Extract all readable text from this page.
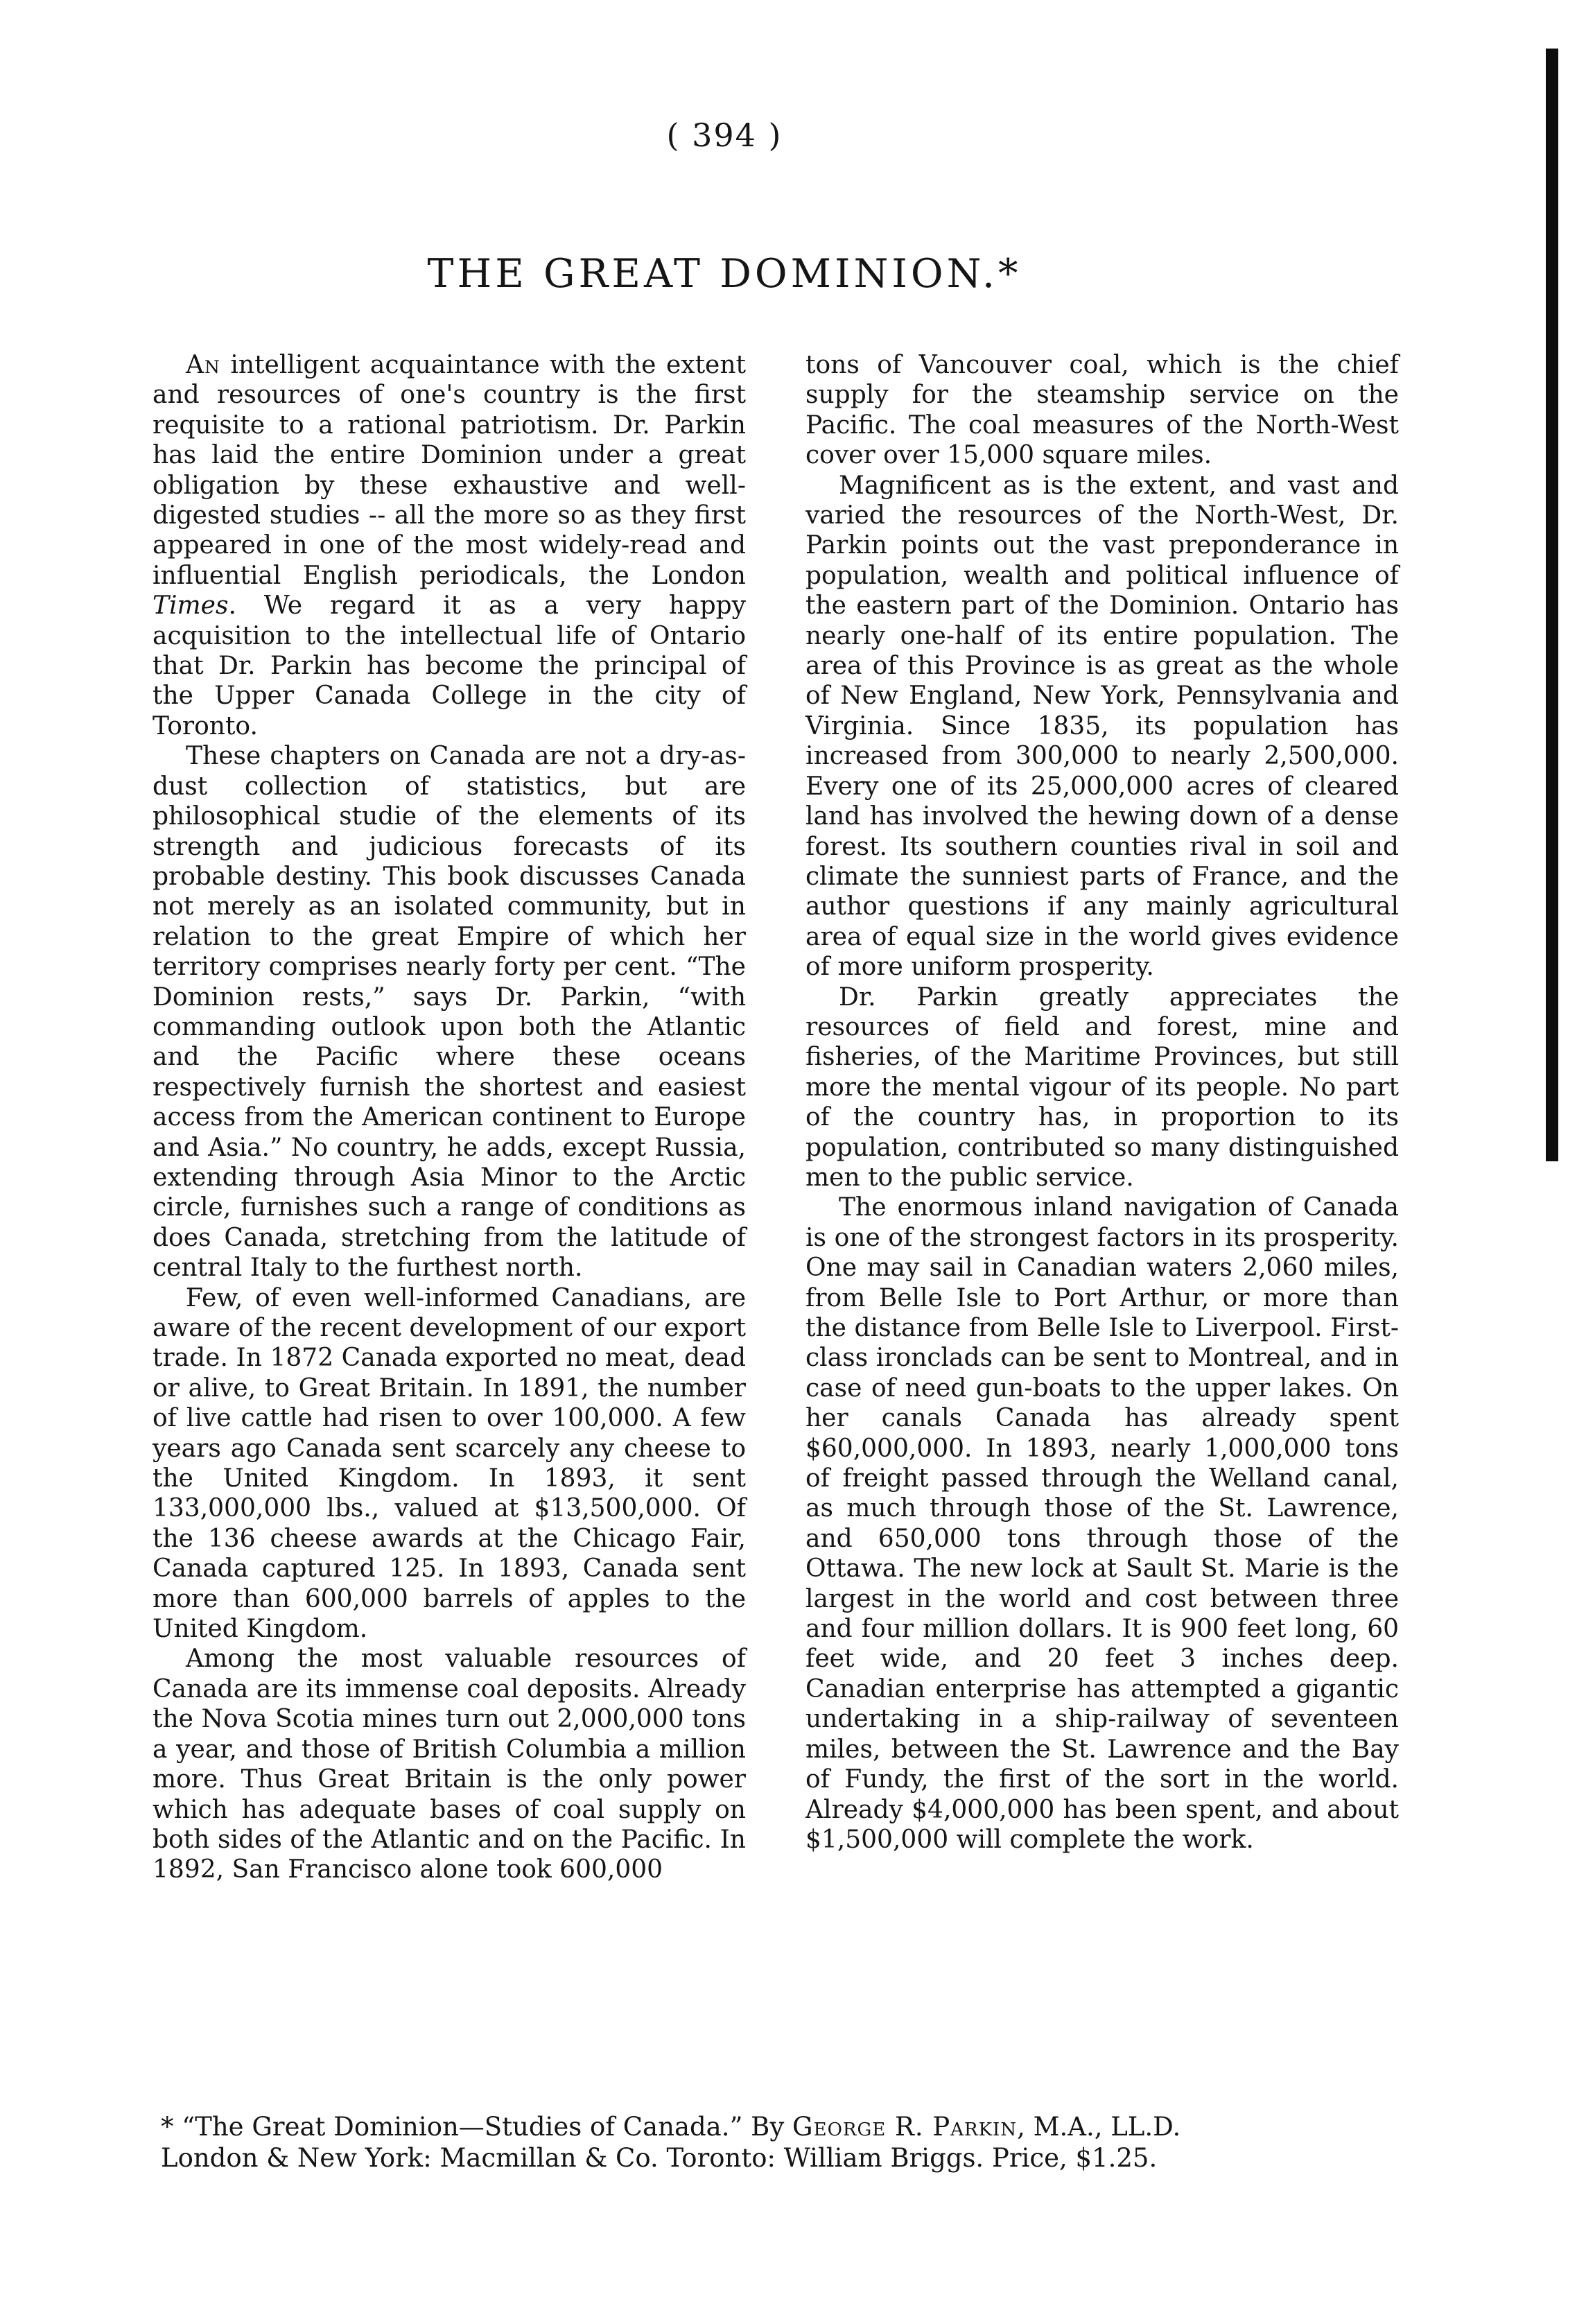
( 394 )
THE GREAT DOMINION.*

An intelligent acquaintance with the extent and resources of one's country is the first requisite to a rational patriotism. Dr. Parkin has laid the entire Dominion under a great obligation by these exhaustive and well-digested studies -- all the more so as they first appeared in one of the most widely-read and influential English periodicals, the London Times. We regard it as a very happy acquisition to the intellectual life of Ontario that Dr. Parkin has become the principal of the Upper Canada College in the city of Toronto.

These chapters on Canada are not a dry-as-dust collection of statistics, but are philosophical studie of the elements of its strength and judicious forecasts of its probable destiny. This book discusses Canada not merely as an isolated community, but in relation to the great Empire of which her territory comprises nearly forty per cent. “The Dominion rests,” says Dr. Parkin, “with commanding outlook upon both the Atlantic and the Pacific where these oceans respectively furnish the shortest and easiest access from the American continent to Europe and Asia.” No country, he adds, except Russia, extending through Asia Minor to the Arctic circle, furnishes such a range of conditions as does Canada, stretching from the latitude of central Italy to the furthest north.

Few, of even well-informed Canadians, are aware of the recent development of our export trade. In 1872 Canada exported no meat, dead or alive, to Great Britain. In 1891, the number of live cattle had risen to over 100,000. A few years ago Canada sent scarcely any cheese to the United Kingdom. In 1893, it sent 133,000,000 lbs., valued at $13,500,000. Of the 136 cheese awards at the Chicago Fair, Canada captured 125. In 1893, Canada sent more than 600,000 barrels of apples to the United Kingdom.

Among the most valuable resources of Canada are its immense coal deposits. Already the Nova Scotia mines turn out 2,000,000 tons a year, and those of British Columbia a million more. Thus Great Britain is the only power which has adequate bases of coal supply on both sides of the Atlantic and on the Pacific. In 1892, San Francisco alone took 600,000

tons of Vancouver coal, which is the chief supply for the steamship service on the Pacific. The coal measures of the North-West cover over 15,000 square miles.

Magnificent as is the extent, and vast and varied the resources of the North-West, Dr. Parkin points out the vast preponderance in population, wealth and political influence of the eastern part of the Dominion. Ontario has nearly one-half of its entire population. The area of this Province is as great as the whole of New England, New York, Pennsylvania and Virginia. Since 1835, its population has increased from 300,000 to nearly 2,500,000. Every one of its 25,000,000 acres of cleared land has involved the hewing down of a dense forest. Its southern counties rival in soil and climate the sunniest parts of France, and the author questions if any mainly agricultural area of equal size in the world gives evidence of more uniform prosperity.

Dr. Parkin greatly appreciates the resources of field and forest, mine and fisheries, of the Maritime Provinces, but still more the mental vigour of its people. No part of the country has, in proportion to its population, contributed so many distinguished men to the public service.

The enormous inland navigation of Canada is one of the strongest factors in its prosperity. One may sail in Canadian waters 2,060 miles, from Belle Isle to Port Arthur, or more than the distance from Belle Isle to Liverpool. First-class ironclads can be sent to Montreal, and in case of need gun-boats to the upper lakes. On her canals Canada has already spent $60,000,000. In 1893, nearly 1,000,000 tons of freight passed through the Welland canal, as much through those of the St. Lawrence, and 650,000 tons through those of the Ottawa. The new lock at Sault St. Marie is the largest in the world and cost between three and four million dollars. It is 900 feet long, 60 feet wide, and 20 feet 3 inches deep. Canadian enterprise has attempted a gigantic undertaking in a ship-railway of seventeen miles, between the St. Lawrence and the Bay of Fundy, the first of the sort in the world. Already $4,000,000 has been spent, and about $1,500,000 will complete the work.

* “The Great Dominion—Studies of Canada.” By George R. Parkin, M.A., LL.D.

London & New York: Macmillan & Co. Toronto: William Briggs. Price, $1.25.
